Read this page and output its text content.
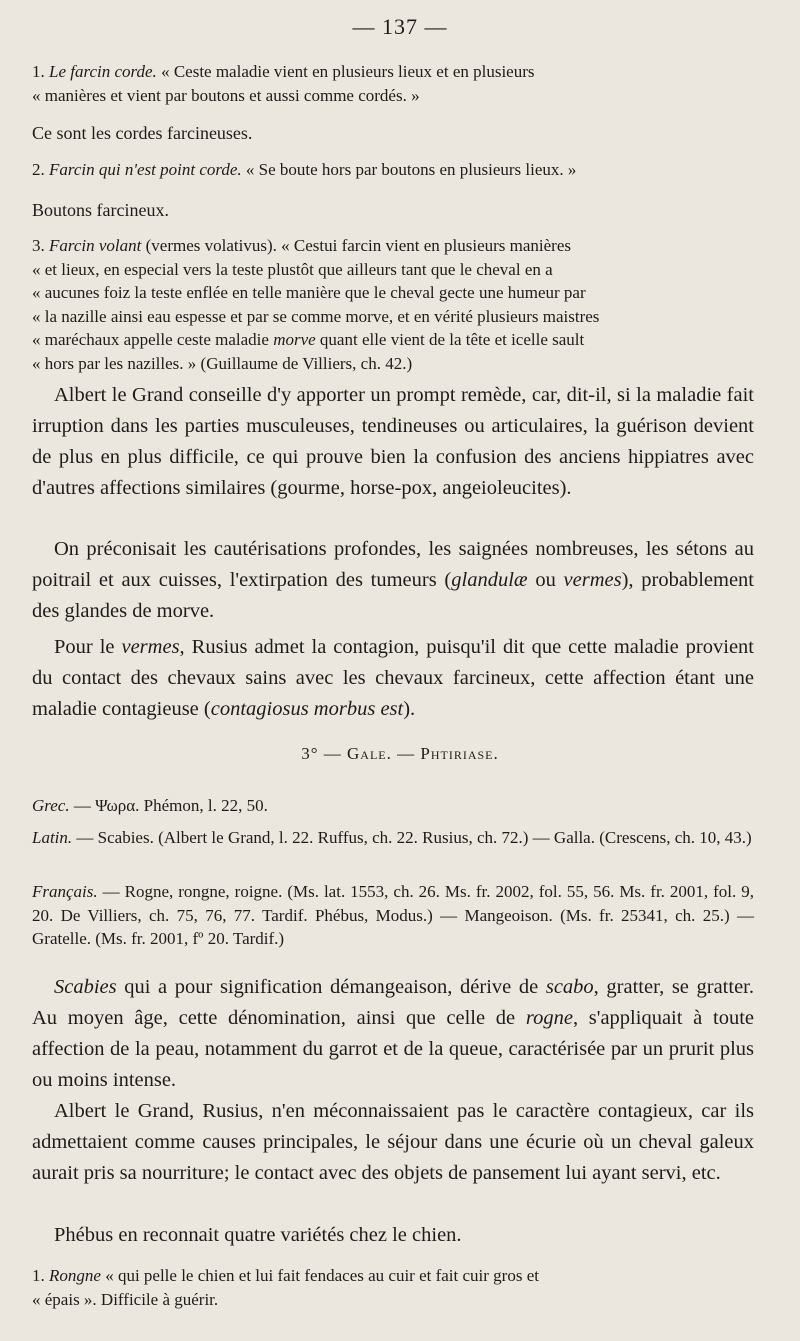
— 137 —

1. Le farcin corde. « Ceste maladie vient en plusieurs lieux et en plusieurs
« manières et vient par boutons et aussi comme cordés. »

Ce sont les cordes farcineuses.

2. Farcin qui n'est point corde. « Se boute hors par boutons en plusieurs lieux. »

Boutons farcineux.

3. Farcin volant (vermes volativus). « Cestui farcin vient en plusieurs manières
« et lieux, en especial vers la teste plustôt que ailleurs tant que le cheval en a
« aucunes foiz la teste enflée en telle manière que le cheval gecte une humeur par
« la nazille ainsi eau espesse et par se comme morve, et en vérité plusieurs maistres
« maréchaux appelle ceste maladie morve quant elle vient de la tête et icelle sault
« hors par les nazilles. » (Guillaume de Villiers, ch. 42.)

Albert le Grand conseille d'y apporter un prompt remède, car, dit-il, si la maladie fait irruption dans les parties musculeuses, tendineuses ou articulaires, la guérison devient de plus en plus difficile, ce qui prouve bien la confusion des anciens hippiatres avec d'autres affections similaires (gourme, horse-pox, angeioleucites).

On préconisait les cautérisations profondes, les saignées nombreuses, les sétons au poitrail et aux cuisses, l'extirpation des tumeurs (glandulæ ou vermes), probablement des glandes de morve.

Pour le vermes, Rusius admet la contagion, puisqu'il dit que cette maladie provient du contact des chevaux sains avec les chevaux farcineux, cette affection étant une maladie contagieuse (contagiosus morbus est).

3° — Gale. — Phtiriase.

Grec. — Ψωρα. Phémon, l. 22, 50.

Latin. — Scabies. (Albert le Grand, l. 22. Ruffus, ch. 22. Rusius, ch. 72.) — Galla. (Crescens, ch. 10, 43.)

Français. — Rogne, rongne, roigne. (Ms. lat. 1553, ch. 26. Ms. fr. 2002, fol. 55, 56. Ms. fr. 2001, fol. 9, 20. De Villiers, ch. 75, 76, 77. Tardif. Phébus, Modus.) — Mangeoison. (Ms. fr. 25341, ch. 25.) — Gratelle. (Ms. fr. 2001, fº 20. Tardif.)

Scabies qui a pour signification démangeaison, dérive de scabo, gratter, se gratter. Au moyen âge, cette dénomination, ainsi que celle de rogne, s'appliquait à toute affection de la peau, notamment du garrot et de la queue, caractérisée par un prurit plus ou moins intense.

Albert le Grand, Rusius, n'en méconnaissaient pas le caractère contagieux, car ils admettaient comme causes principales, le séjour dans une écurie où un cheval galeux aurait pris sa nourriture; le contact avec des objets de pansement lui ayant servi, etc.

Phébus en reconnait quatre variétés chez le chien.

1. Rongne « qui pelle le chien et lui fait fendaces au cuir et fait cuir gros et
« épais ». Difficile à guérir.
